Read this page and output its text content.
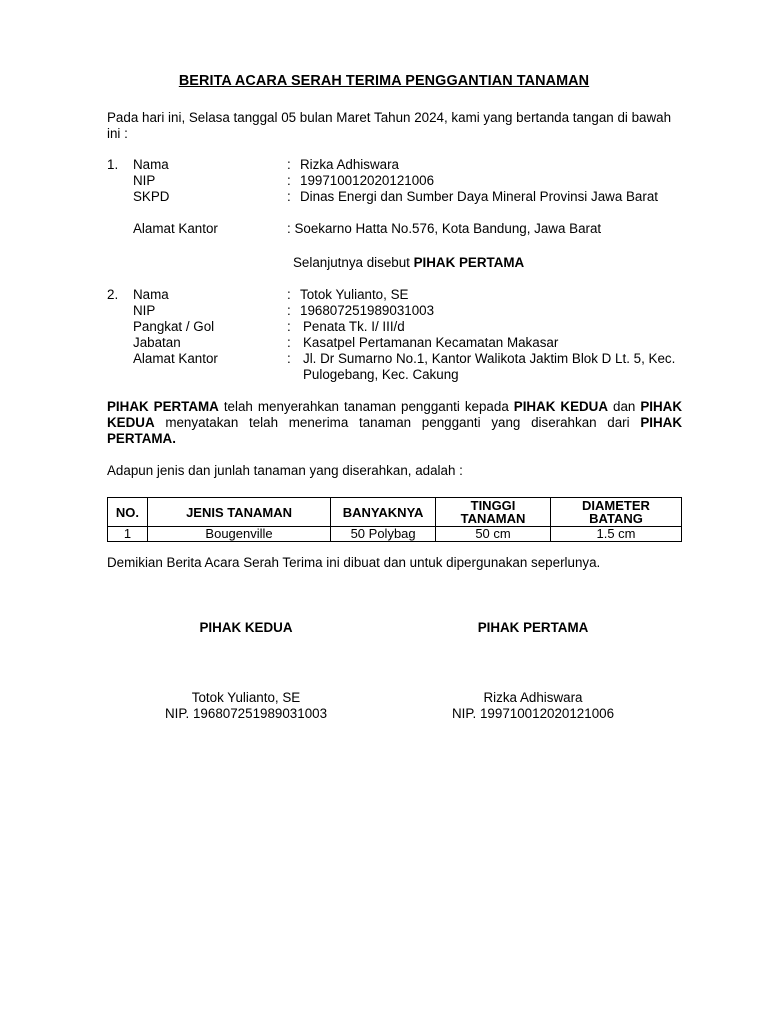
BERITA ACARA SERAH TERIMA PENGGANTIAN TANAMAN
Pada hari ini, Selasa tanggal 05 bulan Maret Tahun 2024, kami yang bertanda tangan di bawah ini :
1. Nama	: Rizka Adhiswara
NIP	: 199710012020121006
SKPD	: Dinas Energi dan Sumber Daya Mineral Provinsi Jawa Barat
Alamat Kantor	: Soekarno Hatta No.576, Kota Bandung, Jawa Barat
Selanjutnya disebut PIHAK PERTAMA
2. Nama	: Totok Yulianto, SE
NIP	: 196807251989031003
Pangkat / Gol	: Penata Tk. I/ III/d
Jabatan	: Kasatpel Pertamanan Kecamatan Makasar
Alamat Kantor	: Jl. Dr Sumarno No.1, Kantor Walikota Jaktim Blok D Lt. 5, Kec. Pulogebang, Kec. Cakung
PIHAK PERTAMA telah menyerahkan tanaman pengganti kepada PIHAK KEDUA dan PIHAK KEDUA menyatakan telah menerima tanaman pengganti yang diserahkan dari PIHAK PERTAMA.
Adapun jenis dan junlah tanaman yang diserahkan, adalah :
NO.	JENIS TANAMAN	BANYAKNYA	TINGGI TANAMAN	DIAMETER BATANG
1	Bougenville	50 Polybag	50 cm	1.5 cm
Demikian Berita Acara Serah Terima ini dibuat dan untuk dipergunakan seperlunya.
PIHAK KEDUA
Totok Yulianto, SE
NIP. 196807251989031003
PIHAK PERTAMA
Rizka Adhiswara
NIP. 199710012020121006
